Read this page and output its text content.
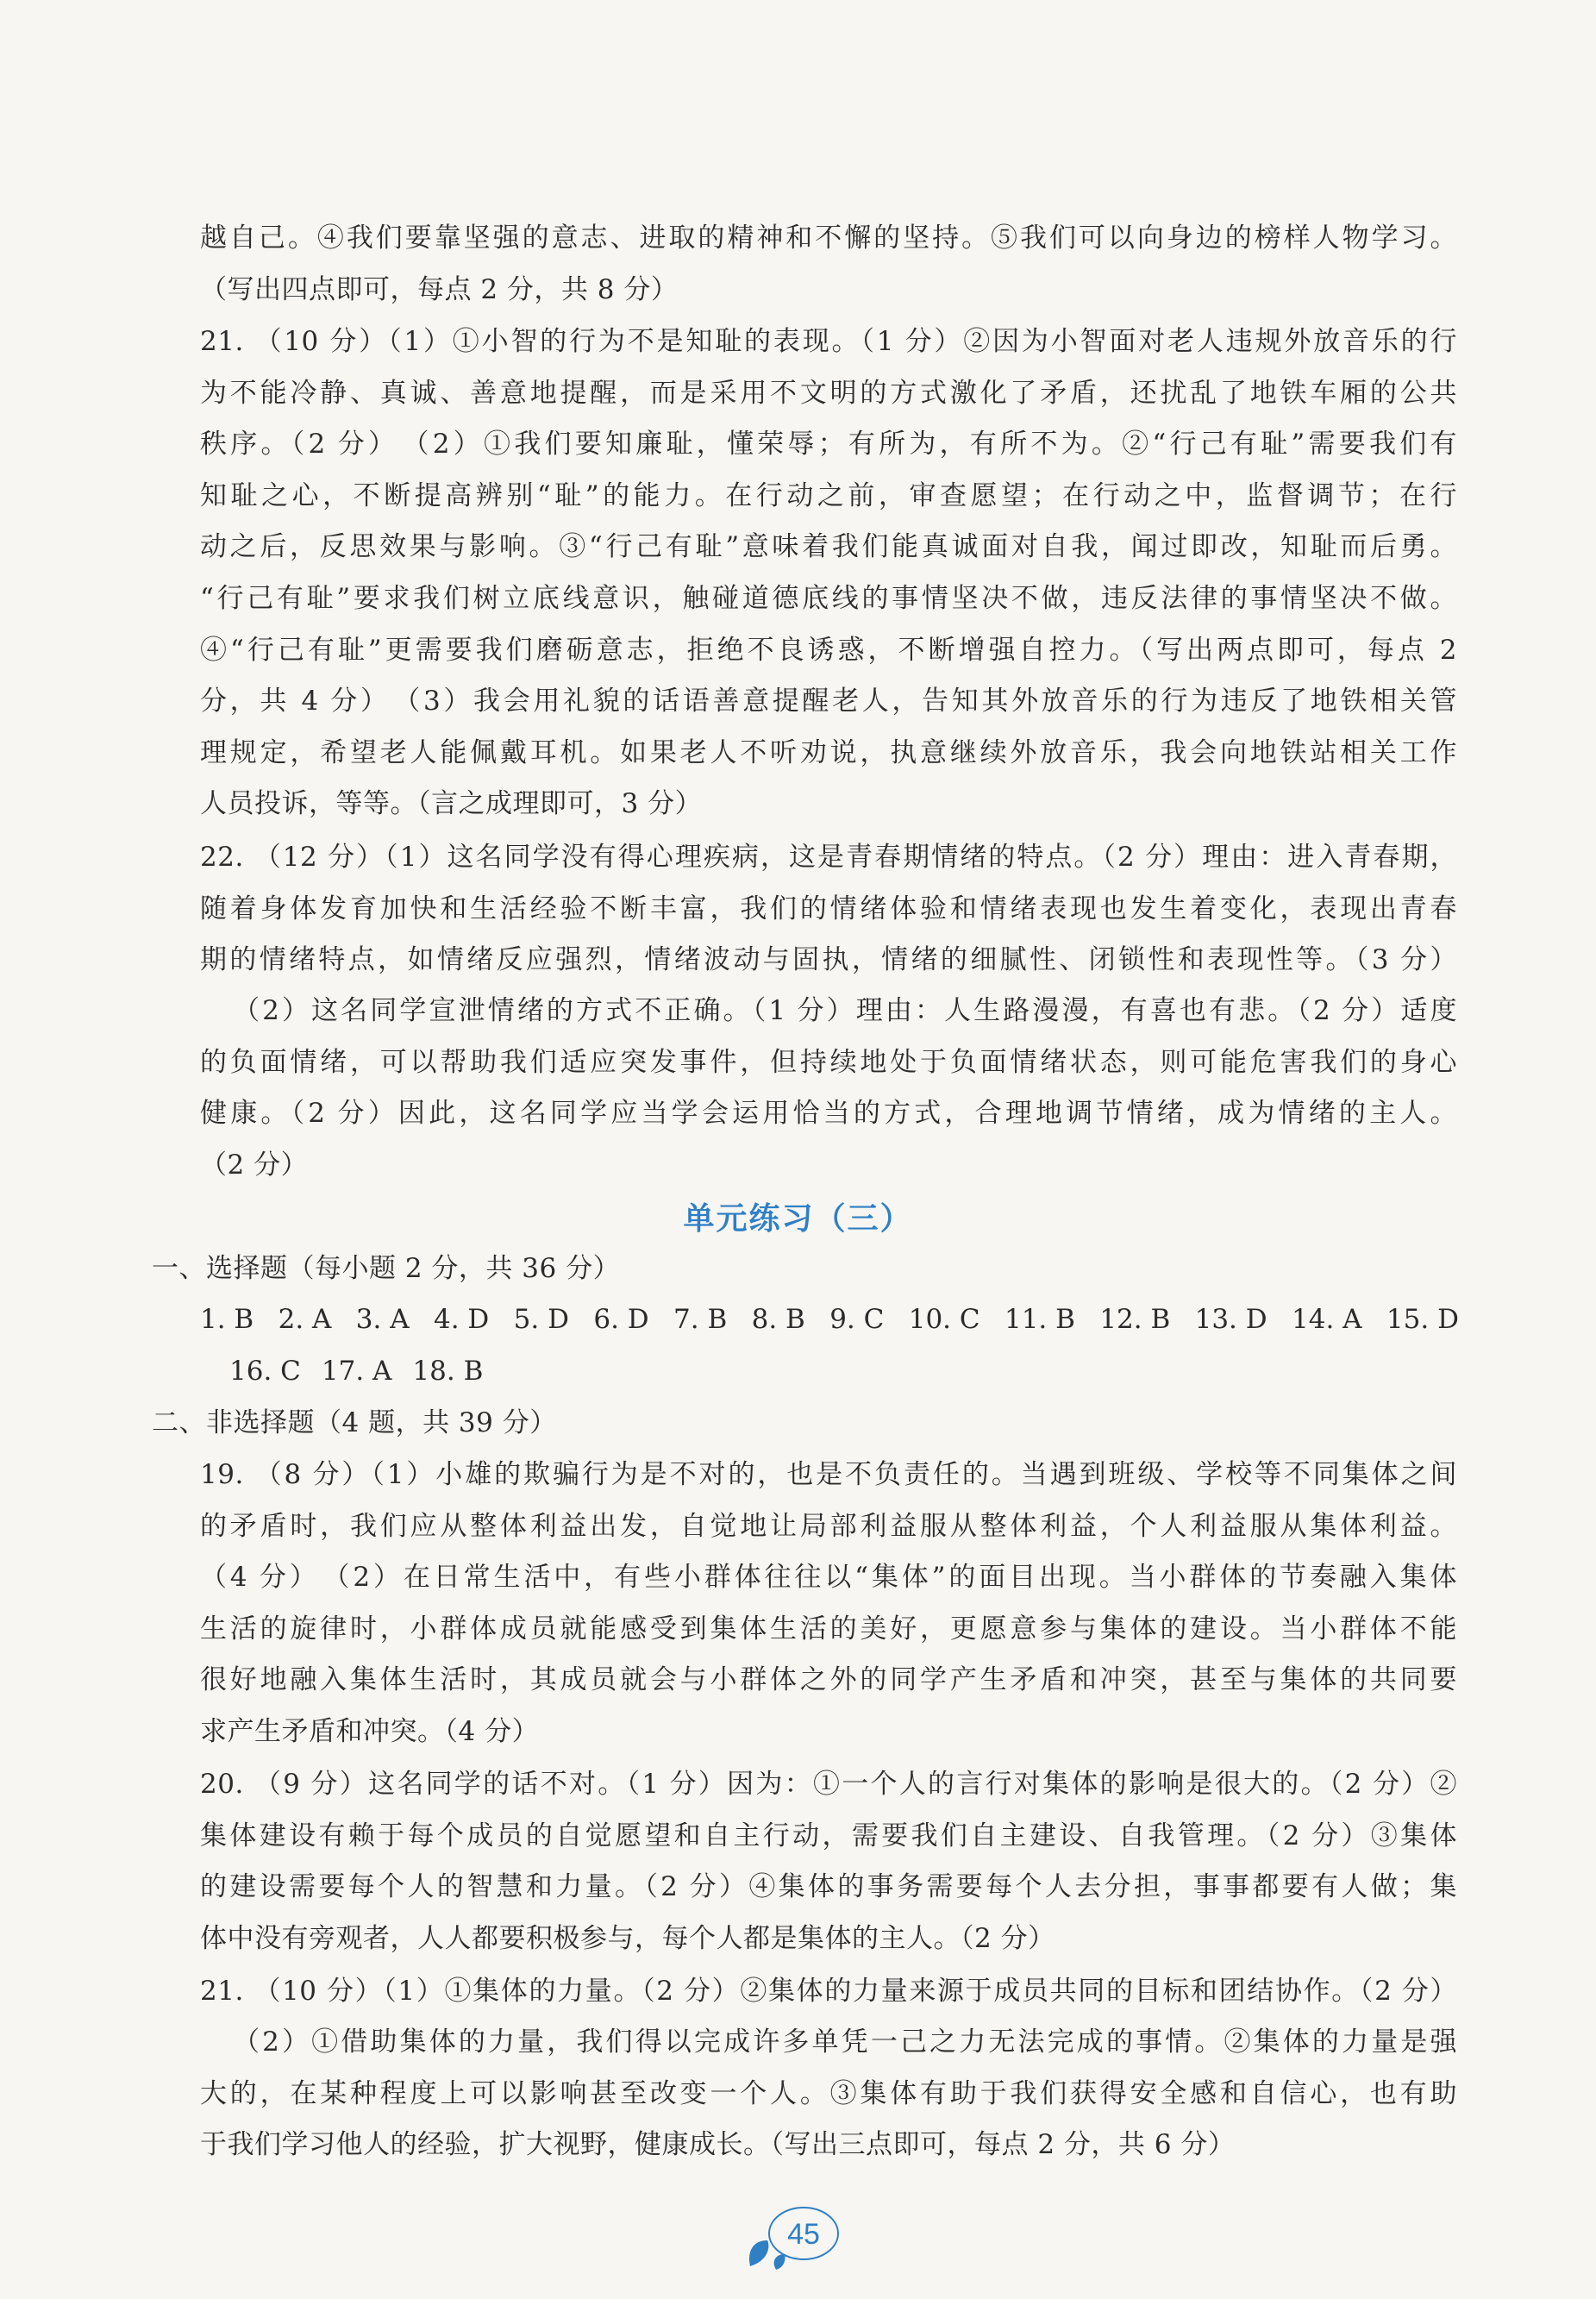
越自己。④我们要靠坚强的意志、进取的精神和不懈的坚持。⑤我们可以向身边的榜样人物学习。
（写出四点即可，每点 2 分，共 8 分）
21. （10 分）（1）①小智的行为不是知耻的表现。（1 分）②因为小智面对老人违规外放音乐的行
为不能冷静、真诚、善意地提醒，而是采用不文明的方式激化了矛盾，还扰乱了地铁车厢的公共
秩序。（2 分）　（2）①我们要知廉耻，懂荣辱；有所为，有所不为。②“行己有耻”需要我们有
知耻之心，不断提高辨别“耻”的能力。在行动之前，审查愿望；在行动之中，监督调节；在行
动之后，反思效果与影响。③“行己有耻”意味着我们能真诚面对自我，闻过即改，知耻而后勇。
“行己有耻”要求我们树立底线意识，触碰道德底线的事情坚决不做，违反法律的事情坚决不做。
④“行己有耻”更需要我们磨砺意志，拒绝不良诱惑，不断增强自控力。（写出两点即可，每点 2
分，共 4 分）　（3）我会用礼貌的话语善意提醒老人，告知其外放音乐的行为违反了地铁相关管
理规定，希望老人能佩戴耳机。如果老人不听劝说，执意继续外放音乐，我会向地铁站相关工作
人员投诉，等等。（言之成理即可，3 分）
22. （12 分）（1）这名同学没有得心理疾病，这是青春期情绪的特点。（2 分）理由：进入青春期，
随着身体发育加快和生活经验不断丰富，我们的情绪体验和情绪表现也发生着变化，表现出青春
期的情绪特点，如情绪反应强烈，情绪波动与固执，情绪的细腻性、闭锁性和表现性等。（3 分）
（2）这名同学宣泄情绪的方式不正确。（1 分）理由：人生路漫漫，有喜也有悲。（2 分）适度
的负面情绪，可以帮助我们适应突发事件，但持续地处于负面情绪状态，则可能危害我们的身心
健康。（2 分）因此，这名同学应当学会运用恰当的方式，合理地调节情绪，成为情绪的主人。
（2 分）
单元练习（三）
一、选择题（每小题 2 分，共 36 分）
1. B 2. A 3. A 4. D 5. D 6. D 7. B 8. B 9. C 10. C 11. B 12. B 13. D 14. A 15. D
16. C 17. A 18. B
二、非选择题（4 题，共 39 分）
19. （8 分）（1）小雄的欺骗行为是不对的，也是不负责任的。当遇到班级、学校等不同集体之间
的矛盾时，我们应从整体利益出发，自觉地让局部利益服从整体利益，个人利益服从集体利益。
（4 分）　（2）在日常生活中，有些小群体往往以“集体”的面目出现。当小群体的节奏融入集体
生活的旋律时，小群体成员就能感受到集体生活的美好，更愿意参与集体的建设。当小群体不能
很好地融入集体生活时，其成员就会与小群体之外的同学产生矛盾和冲突，甚至与集体的共同要
求产生矛盾和冲突。（4 分）
20. （9 分）这名同学的话不对。（1 分）因为：①一个人的言行对集体的影响是很大的。（2 分）②
集体建设有赖于每个成员的自觉愿望和自主行动，需要我们自主建设、自我管理。（2 分）③集体
的建设需要每个人的智慧和力量。（2 分）④集体的事务需要每个人去分担，事事都要有人做；集
体中没有旁观者，人人都要积极参与，每个人都是集体的主人。（2 分）
21. （10 分）（1）①集体的力量。（2 分）②集体的力量来源于成员共同的目标和团结协作。（2 分）
（2）①借助集体的力量，我们得以完成许多单凭一己之力无法完成的事情。②集体的力量是强
大的，在某种程度上可以影响甚至改变一个人。③集体有助于我们获得安全感和自信心，也有助
于我们学习他人的经验，扩大视野，健康成长。（写出三点即可，每点 2 分，共 6 分）
45
